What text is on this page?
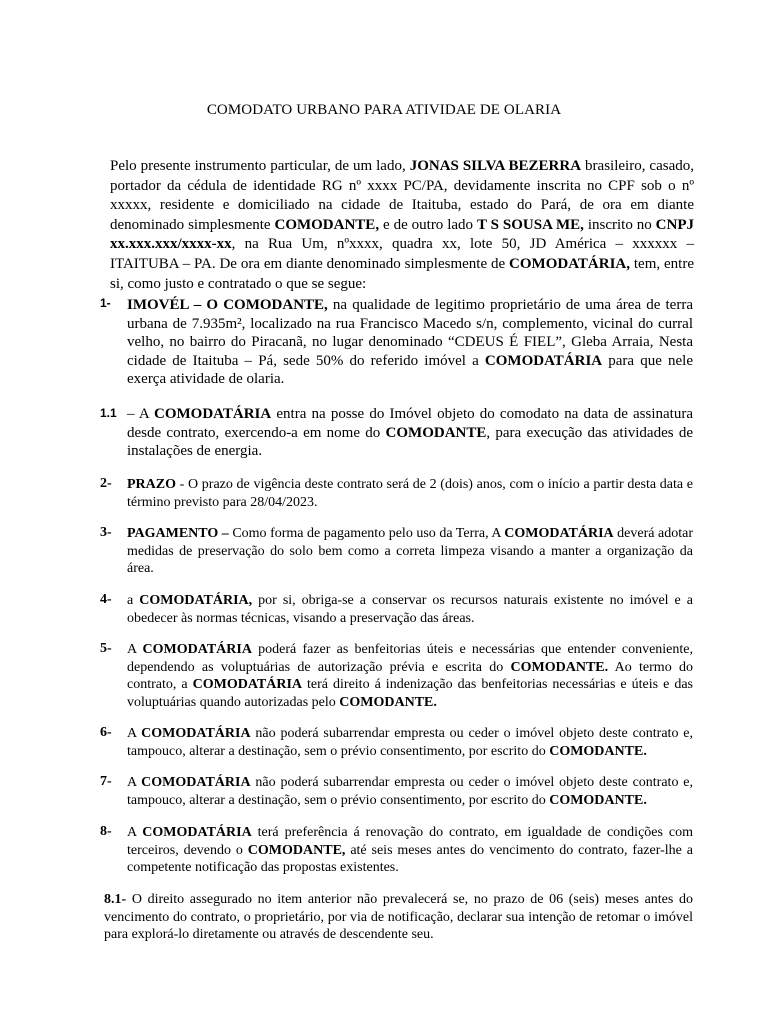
COMODATO URBANO PARA ATIVIDAE DE OLARIA
Pelo presente instrumento particular, de um lado, JONAS SILVA BEZERRA brasileiro, casado, portador da cédula de identidade RG nº xxxx PC/PA, devidamente inscrita no CPF sob o nº xxxxx, residente e domiciliado na cidade de Itaituba, estado do Pará, de ora em diante denominado simplesmente COMODANTE, e de outro lado T S SOUSA ME, inscrito no CNPJ xx.xxx.xxx/xxxx-xx, na Rua Um, nºxxxx, quadra xx, lote 50, JD América – xxxxxx – ITAITUBA – PA. De ora em diante denominado simplesmente de COMODATÁRIA, tem, entre si, como justo e contratado o que se segue:
1- IMOVÉL – O COMODANTE, na qualidade de legitimo proprietário de uma área de terra urbana de 7.935m², localizado na rua Francisco Macedo s/n, complemento, vicinal do curral velho, no bairro do Piracanã, no lugar denominado “CDEUS É FIEL”, Gleba Arraia, Nesta cidade de Itaituba – Pá, sede 50% do referido imóvel a COMODATÁRIA para que nele exerça atividade de olaria.
1.1 – A COMODATÁRIA entra na posse do Imóvel objeto do comodato na data de assinatura desde contrato, exercendo-a em nome do COMODANTE, para execução das atividades de instalações de energia.
2- PRAZO - O prazo de vigência deste contrato será de 2 (dois) anos, com o início a partir desta data e término previsto para 28/04/2023.
3- PAGAMENTO – Como forma de pagamento pelo uso da Terra, A COMODATÁRIA deverá adotar medidas de preservação do solo bem como a correta limpeza visando a manter a organização da área.
4- a COMODATÁRIA, por si, obriga-se a conservar os recursos naturais existente no imóvel e a obedecer às normas técnicas, visando a preservação das áreas.
5- A COMODATÁRIA poderá fazer as benfeitorias úteis e necessárias que entender conveniente, dependendo as voluptuárias de autorização prévia e escrita do COMODANTE. Ao termo do contrato, a COMODATÁRIA terá direito á indenização das benfeitorias necessárias e úteis e das voluptuárias quando autorizadas pelo COMODANTE.
6- A COMODATÁRIA não poderá subarrendar empresta ou ceder o imóvel objeto deste contrato e, tampouco, alterar a destinação, sem o prévio consentimento, por escrito do COMODANTE.
7- A COMODATÁRIA não poderá subarrendar empresta ou ceder o imóvel objeto deste contrato e, tampouco, alterar a destinação, sem o prévio consentimento, por escrito do COMODANTE.
8- A COMODATÁRIA terá preferência á renovação do contrato, em igualdade de condições com terceiros, devendo o COMODANTE, até seis meses antes do vencimento do contrato, fazer-lhe a competente notificação das propostas existentes.
8.1- O direito assegurado no item anterior não prevalecerá se, no prazo de 06 (seis) meses antes do vencimento do contrato, o proprietário, por via de notificação, declarar sua intenção de retomar o imóvel para explorá-lo diretamente ou através de descendente seu.
